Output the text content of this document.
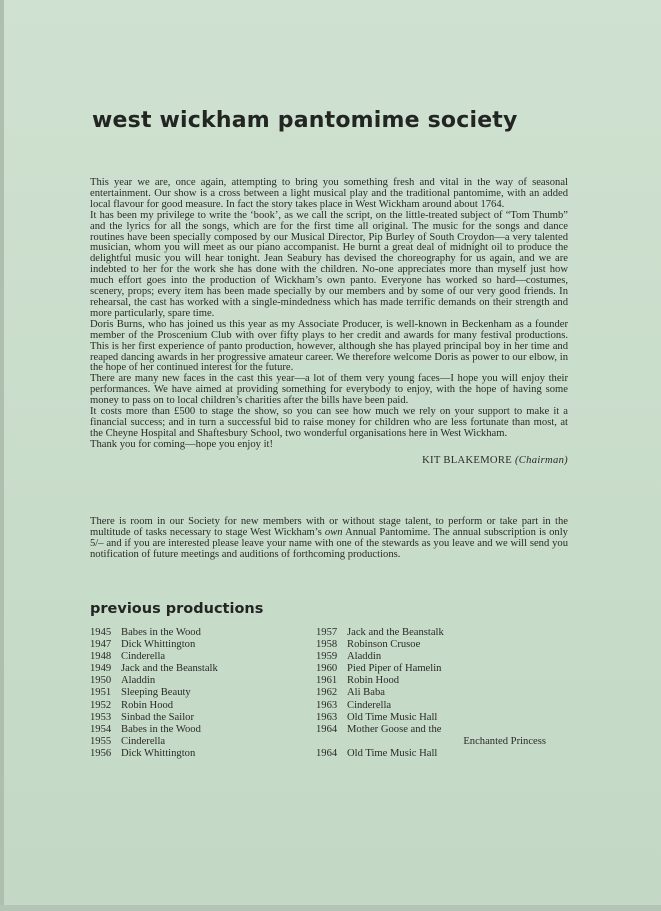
west wickham pantomime society

This year we are, once again, attempting to bring you something fresh and vital in the way of seasonal entertainment. Our show is a cross between a light musical play and the traditional pantomime, with an added local flavour for good measure. In fact the story takes place in West Wickham around about 1764.

It has been my privilege to write the ‘book’, as we call the script, on the little-treated subject of “Tom Thumb” and the lyrics for all the songs, which are for the first time all original. The music for the songs and dance routines have been specially composed by our Musical Director, Pip Burley of South Croydon—a very talented musician, whom you will meet as our piano accompanist. He burnt a great deal of midnight oil to produce the delightful music you will hear tonight. Jean Seabury has devised the choreography for us again, and we are indebted to her for the work she has done with the children. No-one appreciates more than myself just how much effort goes into the production of Wickham’s own panto. Everyone has worked so hard—costumes, scenery, props; every item has been made specially by our members and by some of our very good friends. In rehearsal, the cast has worked with a single-mindedness which has made terrific demands on their strength and more particularly, spare time.

Doris Burns, who has joined us this year as my Associate Producer, is well-known in Beckenham as a founder member of the Proscenium Club with over fifty plays to her credit and awards for many festival productions. This is her first experience of panto production, however, although she has played principal boy in her time and reaped dancing awards in her progressive amateur career. We therefore welcome Doris as power to our elbow, in the hope of her continued interest for the future.

There are many new faces in the cast this year—a lot of them very young faces—I hope you will enjoy their performances. We have aimed at providing something for everybody to enjoy, with the hope of having some money to pass on to local children’s charities after the bills have been paid.

It costs more than £500 to stage the show, so you can see how much we rely on your support to make it a financial success; and in turn a successful bid to raise money for children who are less fortunate than most, at the Cheyne Hospital and Shaftesbury School, two wonderful organisations here in West Wickham.

Thank you for coming—hope you enjoy it!

KIT BLAKEMORE (Chairman)

There is room in our Society for new members with or without stage talent, to perform or take part in the multitude of tasks necessary to stage West Wickham’s own Annual Pantomime. The annual subscription is only 5/– and if you are interested please leave your name with one of the stewards as you leave and we will send you notification of future meetings and auditions of forthcoming productions.

previous productions
1945 Babes in the Wood
1947 Dick Whittington
1948 Cinderella
1949 Jack and the Beanstalk
1950 Aladdin
1951 Sleeping Beauty
1952 Robin Hood
1953 Sinbad the Sailor
1954 Babes in the Wood
1955 Cinderella
1956 Dick Whittington
1957 Jack and the Beanstalk
1958 Robinson Crusoe
1959 Aladdin
1960 Pied Piper of Hamelin
1961 Robin Hood
1962 Ali Baba
1963 Cinderella
1963 Old Time Music Hall
1964 Mother Goose and the
Enchanted Princess
1964 Old Time Music Hall
